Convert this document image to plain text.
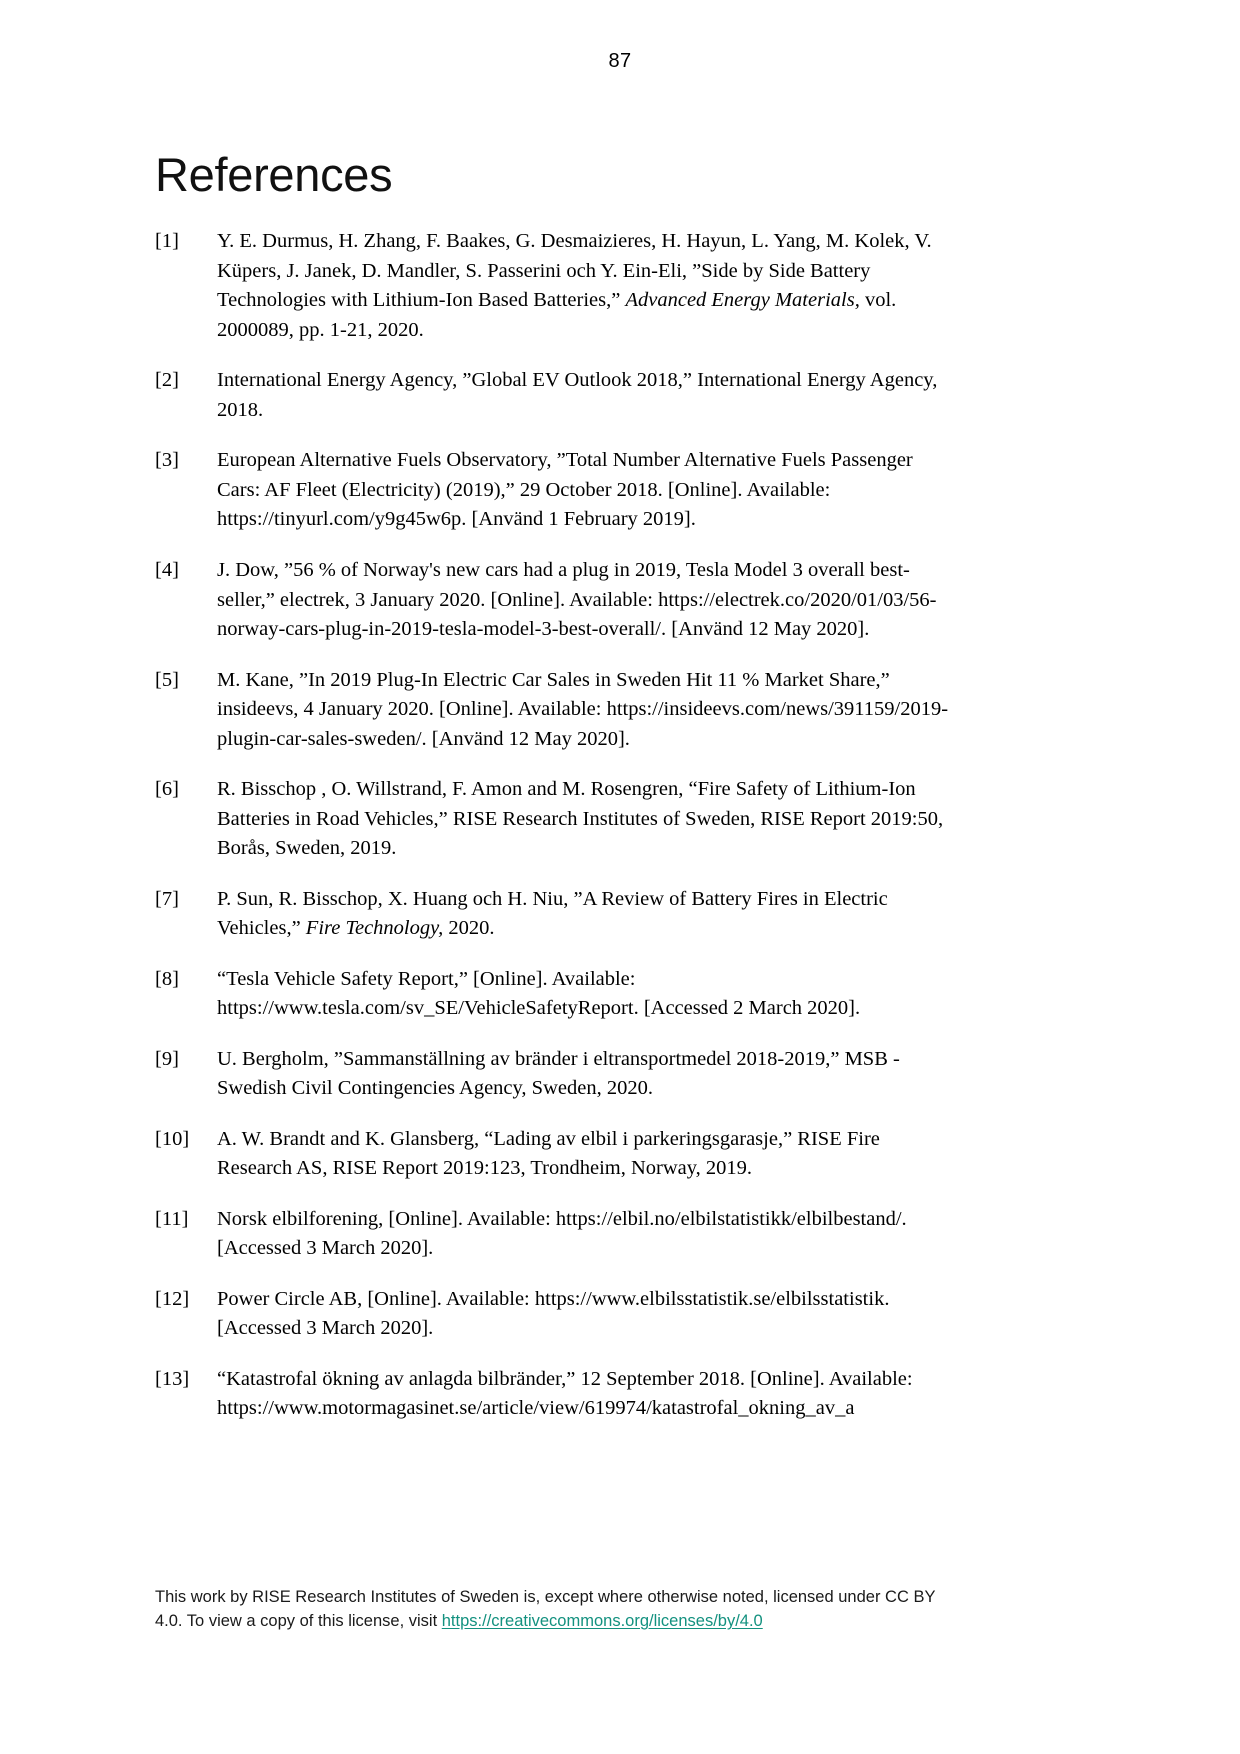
87
References
[1]	Y. E. Durmus, H. Zhang, F. Baakes, G. Desmaizieres, H. Hayun, L. Yang, M. Kolek, V. Küpers, J. Janek, D. Mandler, S. Passerini och Y. Ein-Eli, ”Side by Side Battery Technologies with Lithium-Ion Based Batteries,” Advanced Energy Materials, vol. 2000089, pp. 1-21, 2020.
[2]	International Energy Agency, ”Global EV Outlook 2018,” International Energy Agency, 2018.
[3]	European Alternative Fuels Observatory, ”Total Number Alternative Fuels Passenger Cars: AF Fleet (Electricity) (2019),” 29 October 2018. [Online]. Available: https://tinyurl.com/y9g45w6p. [Använd 1 February 2019].
[4]	J. Dow, ”56 % of Norway's new cars had a plug in 2019, Tesla Model 3 overall best-seller,” electrek, 3 January 2020. [Online]. Available: https://electrek.co/2020/01/03/56-norway-cars-plug-in-2019-tesla-model-3-best-overall/. [Använd 12 May 2020].
[5]	M. Kane, ”In 2019 Plug-In Electric Car Sales in Sweden Hit 11 % Market Share,” insideevs, 4 January 2020. [Online]. Available: https://insideevs.com/news/391159/2019-plugin-car-sales-sweden/. [Använd 12 May 2020].
[6]	R. Bisschop , O. Willstrand, F. Amon and M. Rosengren, “Fire Safety of Lithium-Ion Batteries in Road Vehicles,” RISE Research Institutes of Sweden, RISE Report 2019:50, Borås, Sweden, 2019.
[7]	P. Sun, R. Bisschop, X. Huang och H. Niu, ”A Review of Battery Fires in Electric Vehicles,” Fire Technology, 2020.
[8]	“Tesla Vehicle Safety Report,” [Online]. Available: https://www.tesla.com/sv_SE/VehicleSafetyReport. [Accessed 2 March 2020].
[9]	U. Bergholm, ”Sammanställning av bränder i eltransportmedel 2018-2019,” MSB - Swedish Civil Contingencies Agency, Sweden, 2020.
[10]	A. W. Brandt and K. Glansberg, “Lading av elbil i parkeringsgarasje,” RISE Fire Research AS, RISE Report 2019:123, Trondheim, Norway, 2019.
[11]	Norsk elbilforening, [Online]. Available: https://elbil.no/elbilstatistikk/elbilbestand/. [Accessed 3 March 2020].
[12]	Power Circle AB, [Online]. Available: https://www.elbilsstatistik.se/elbilsstatistik. [Accessed 3 March 2020].
[13]	“Katastrofal ökning av anlagda bilbränder,” 12 September 2018. [Online]. Available: https://www.motormagasinet.se/article/view/619974/katastrofal_okning_av_a
This work by RISE Research Institutes of Sweden is, except where otherwise noted, licensed under CC BY 4.0. To view a copy of this license, visit https://creativecommons.org/licenses/by/4.0
